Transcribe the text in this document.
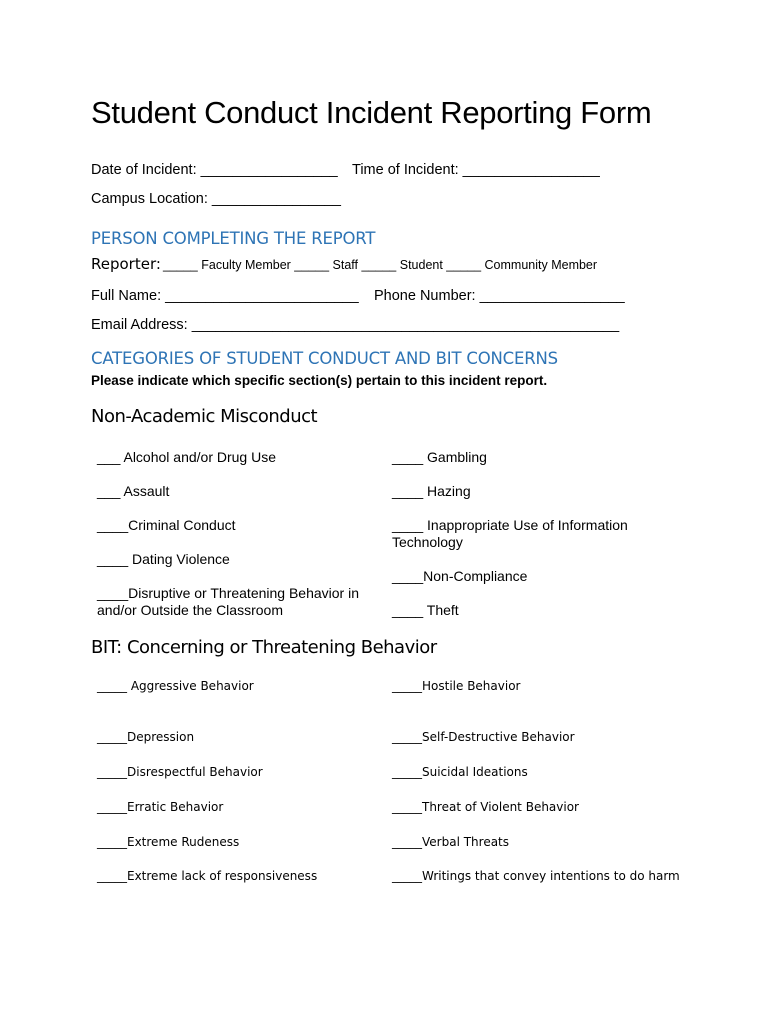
Student Conduct Incident Reporting Form
Date of Incident: _________________ Time of Incident: _________________
Campus Location: ________________
PERSON COMPLETING THE REPORT
Reporter: _____ Faculty Member _____ Staff _____ Student _____ Community Member
Full Name: ________________________ Phone Number: __________________
Email Address: _____________________________________________________
CATEGORIES OF STUDENT CONDUCT AND BIT CONCERNS
Please indicate which specific section(s) pertain to this incident report.
Non-Academic Misconduct
___ Alcohol and/or Drug Use
___ Assault
____Criminal Conduct
____ Dating Violence
____Disruptive or Threatening Behavior in and/or Outside the Classroom
____ Gambling
____ Hazing
____ Inappropriate Use of Information Technology
____Non-Compliance
____ Theft
BIT: Concerning or Threatening Behavior
_____ Aggressive Behavior
_____Depression
_____Disrespectful Behavior
_____Erratic Behavior
_____Extreme Rudeness
_____Extreme lack of responsiveness
_____Hostile Behavior
_____Self-Destructive Behavior
_____Suicidal Ideations
_____Threat of Violent Behavior
_____Verbal Threats
_____Writings that convey intentions to do harm
